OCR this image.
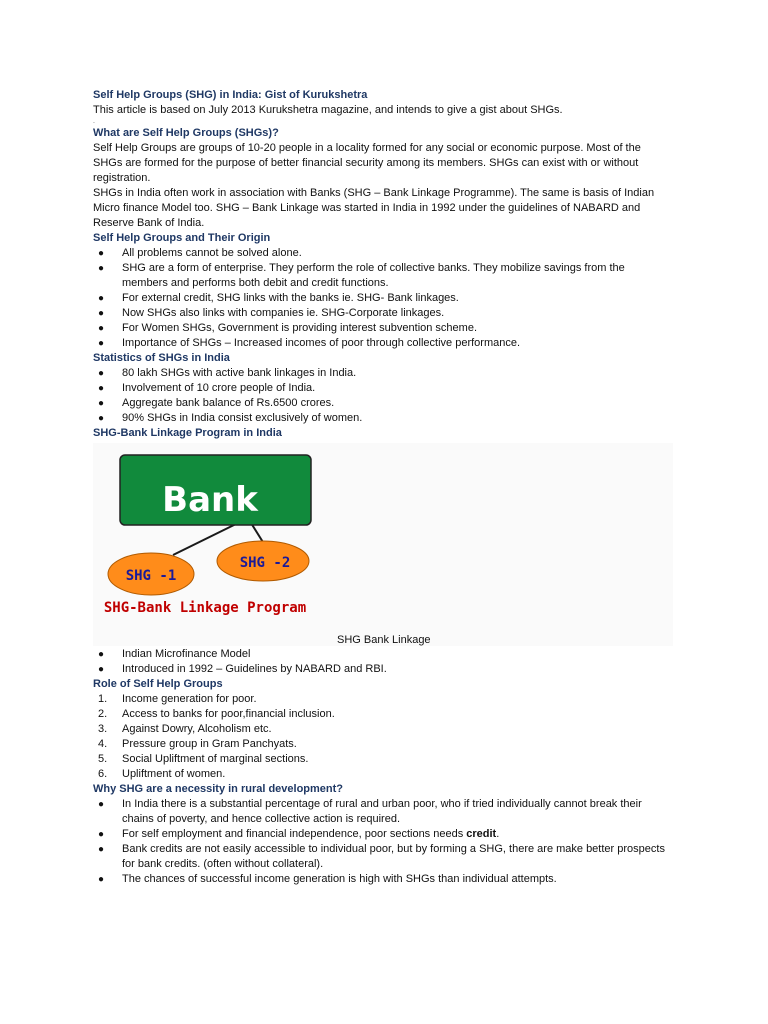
Self Help Groups (SHG) in India: Gist of Kurukshetra
This article is based on July 2013 Kurukshetra magazine, and intends to give a gist about SHGs.
.
What are Self Help Groups (SHGs)?
Self Help Groups are groups of 10-20 people in a locality formed for any social or economic purpose. Most of the SHGs are formed for the purpose of better financial security among its members. SHGs can exist with or without registration.
SHGs in India often work in association with Banks (SHG – Bank Linkage Programme). The same is basis of Indian Micro finance Model too. SHG – Bank Linkage was started in India in 1992 under the guidelines of NABARD and Reserve Bank of India.
Self Help Groups and Their Origin
● All problems cannot be solved alone.
● SHG are a form of enterprise. They perform the role of collective banks. They mobilize savings from the members and performs both debit and credit functions.
● For external credit, SHG links with the banks ie. SHG- Bank linkages.
● Now SHGs also links with companies ie. SHG-Corporate linkages.
● For Women SHGs, Government is providing interest subvention scheme.
● Importance of SHGs – Increased incomes of poor through collective performance.
Statistics of SHGs in India
● 80 lakh SHGs with active bank linkages in India.
● Involvement of 10 crore people of India.
● Aggregate bank balance of Rs.6500 crores.
● 90% SHGs in India consist exclusively of women.
SHG-Bank Linkage Program in India
Bank
SHG -2
SHG -1
SHG-Bank Linkage Program
SHG Bank Linkage
● Indian Microfinance Model
● Introduced in 1992 – Guidelines by NABARD and RBI.
Role of Self Help Groups
1. Income generation for poor.
2. Access to banks for poor,financial inclusion.
3. Against Dowry, Alcoholism etc.
4. Pressure group in Gram Panchyats.
5. Social Upliftment of marginal sections.
6. Upliftment of women.
Why SHG are a necessity in rural development?
● In India there is a substantial percentage of rural and urban poor, who if tried individually cannot break their chains of poverty, and hence collective action is required.
● For self employment and financial independence, poor sections needs credit.
● Bank credits are not easily accessible to individual poor, but by forming a SHG, there are make better prospects for bank credits. (often without collateral).
● The chances of successful income generation is high with SHGs than individual attempts.
